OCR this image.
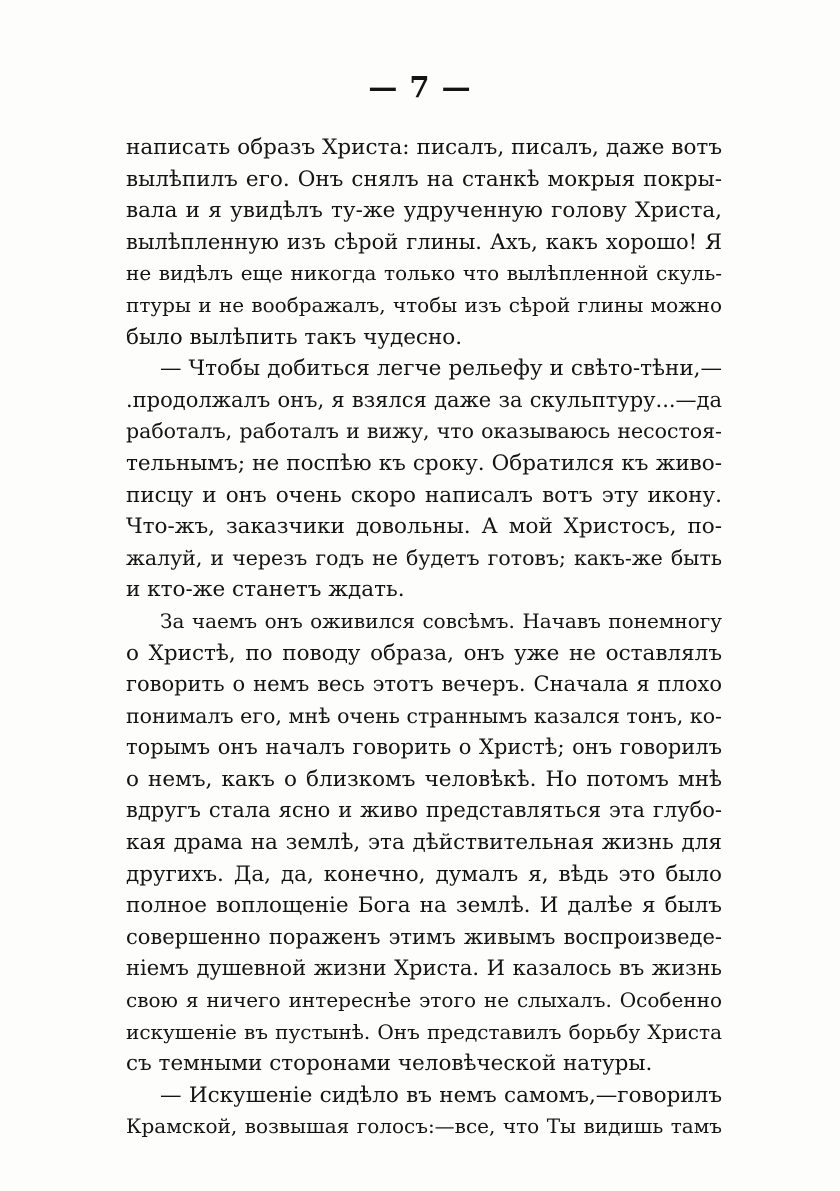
— 7 —
написать образъ Христа: писалъ, писалъ, даже вотъ
вылѣпилъ его. Онъ снялъ на станкѣ мокрыя покры-
вала и я увидѣлъ ту-же удрученную голову Христа,
вылѣпленную изъ сѣрой глины. Ахъ, какъ хорошо! Я
не видѣлъ еще никогда только что вылѣпленной скуль-
птуры и не воображалъ, чтобы изъ сѣрой глины можно
было вылѣпить такъ чудесно.
— Чтобы добиться легче рельефу и свѣто-тѣни,—
.продолжалъ онъ, я взялся даже за скульптуру...—да
работалъ, работалъ и вижу, что оказываюсь несостоя-
тельнымъ; не поспѣю къ сроку. Обратился къ живо-
писцу и онъ очень скоро написалъ вотъ эту икону.
Что-жъ, заказчики довольны. А мой Христосъ, по-
жалуй, и черезъ годъ не будетъ готовъ; какъ-же быть
и кто-же станетъ ждать.
За чаемъ онъ оживился совсѣмъ. Начавъ понемногу
о Христѣ, по поводу образа, онъ уже не оставлялъ
говорить о немъ весь этотъ вечеръ. Сначала я плохо
понималъ его, мнѣ очень страннымъ казался тонъ, ко-
торымъ онъ началъ говорить о Христѣ; онъ говорилъ
о немъ, какъ о близкомъ человѣкѣ. Но потомъ мнѣ
вдругъ стала ясно и живо представляться эта глубо-
кая драма на землѣ, эта дѣйствительная жизнь для
другихъ. Да, да, конечно, думалъ я, вѣдь это было
полное воплощеніе Бога на землѣ. И далѣе я былъ
совершенно пораженъ этимъ живымъ воспроизведе-
ніемъ душевной жизни Христа. И казалось въ жизнь
свою я ничего интереснѣе этого не слыхалъ. Особенно
искушеніе въ пустынѣ. Онъ представилъ борьбу Христа
съ темными сторонами человѣческой натуры.
— Искушеніе сидѣло въ немъ самомъ,—говорилъ
Крамской, возвышая голосъ:—все, что Ты видишь тамъ
